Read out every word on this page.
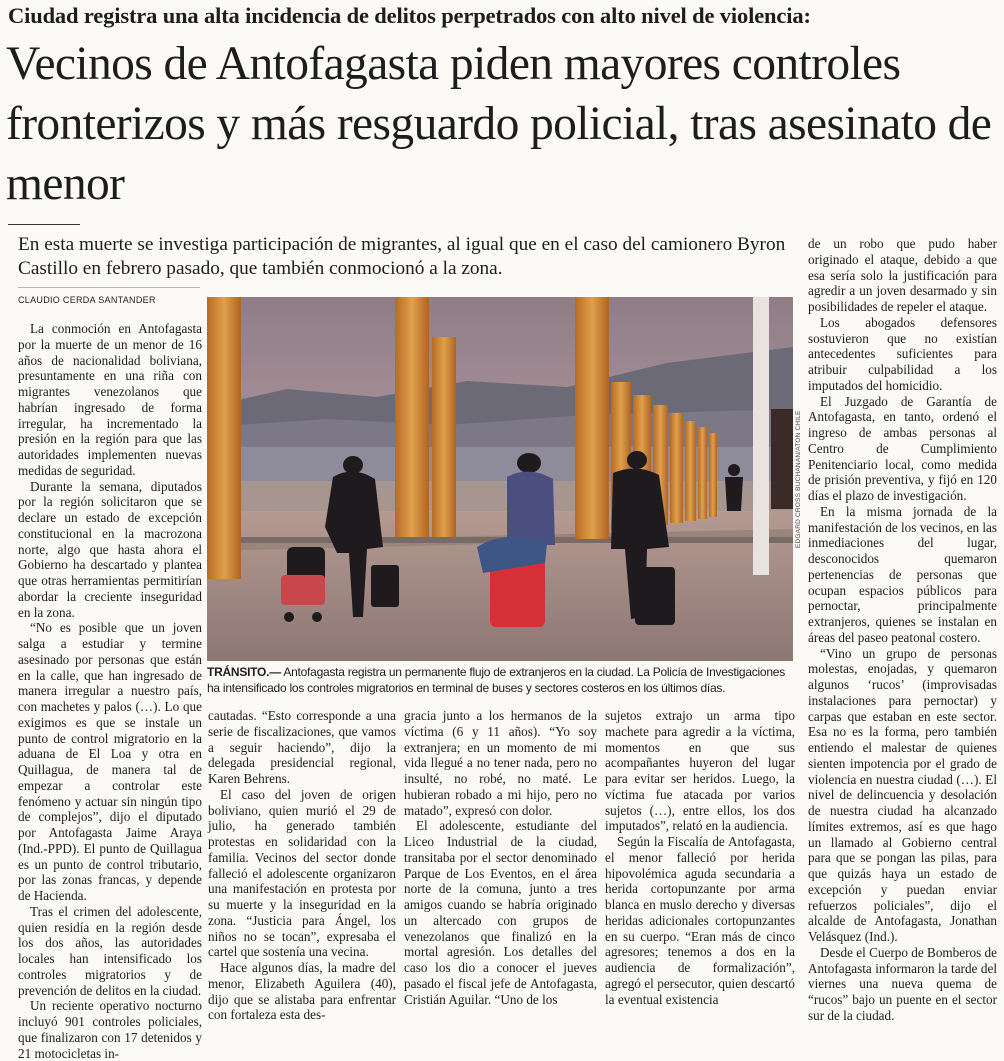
Ciudad registra una alta incidencia de delitos perpetrados con alto nivel de violencia:
Vecinos de Antofagasta piden mayores controles fronterizos y más resguardo policial, tras asesinato de menor
En esta muerte se investiga participación de migrantes, al igual que en el caso del camionero Byron Castillo en febrero pasado, que también conmocionó a la zona.
CLAUDIO CERDA SANTANDER

La conmoción en Antofagasta por la muerte de un menor de 16 años de nacionalidad boliviana, presuntamente en una riña con migrantes venezolanos que habrían ingresado de forma irregular, ha incrementado la presión en la región para que las autoridades implementen nuevas medidas de seguridad.

Durante la semana, diputados por la región solicitaron que se declare un estado de excepción constitucional en la macrozona norte, algo que hasta ahora el Gobierno ha descartado y plantea que otras herramientas permitirían abordar la creciente inseguridad en la zona.

“No es posible que un joven salga a estudiar y termine asesinado por personas que están en la calle, que han ingresado de manera irregular a nuestro país, con machetes y palos (…). Lo que exigimos es que se instale un punto de control migratorio en la aduana de El Loa y otra en Quillagua, de manera tal de empezar a controlar este fenómeno y actuar sin ningún tipo de complejos”, dijo el diputado por Antofagasta Jaime Araya (Ind.-PPD). El punto de Quillagua es un punto de control tributario, por las zonas francas, y depende de Hacienda.

Tras el crimen del adolescente, quien residía en la región desde los dos años, las autoridades locales han intensificado los controles migratorios y de prevención de delitos en la ciudad.

Un reciente operativo nocturno incluyó 901 controles policiales, que finalizaron con 17 detenidos y 21 motocicletas in-

EDGARD CROSS BUCHANAN/ATON CHILE
TRÁNSITO.— Antofagasta registra un permanente flujo de extranjeros en la ciudad. La Policía de Investigaciones ha intensificado los controles migratorios en terminal de buses y sectores costeros en los últimos días.

cautadas. “Esto corresponde a una serie de fiscalizaciones, que vamos a seguir haciendo”, dijo la delegada presidencial regional, Karen Behrens.

El caso del joven de origen boliviano, quien murió el 29 de julio, ha generado también protestas en solidaridad con la familia. Vecinos del sector donde falleció el adolescente organizaron una manifestación en protesta por su muerte y la inseguridad en la zona. “Justicia para Ángel, los niños no se tocan”, expresaba el cartel que sostenía una vecina.

Hace algunos días, la madre del menor, Elizabeth Aguilera (40), dijo que se alistaba para enfrentar con fortaleza esta des-

gracia junto a los hermanos de la víctima (6 y 11 años). “Yo soy extranjera; en un momento de mi vida llegué a no tener nada, pero no insulté, no robé, no maté. Le hubieran robado a mi hijo, pero no matado”, expresó con dolor.

El adolescente, estudiante del Liceo Industrial de la ciudad, transitaba por el sector denominado Parque de Los Eventos, en el área norte de la comuna, junto a tres amigos cuando se habría originado un altercado con grupos de venezolanos que finalizó en la mortal agresión. Los detalles del caso los dio a conocer el jueves pasado el fiscal jefe de Antofagasta, Cristián Aguilar. “Uno de los

sujetos extrajo un arma tipo machete para agredir a la víctima, momentos en que sus acompañantes huyeron del lugar para evitar ser heridos. Luego, la víctima fue atacada por varios sujetos (…), entre ellos, los dos imputados”, relató en la audiencia.

Según la Fiscalía de Antofagasta, el menor falleció por herida hipovolémica aguda secundaria a herida cortopunzante por arma blanca en muslo derecho y diversas heridas adicionales cortopunzantes en su cuerpo. “Eran más de cinco agresores; tenemos a dos en la audiencia de formalización”, agregó el persecutor, quien descartó la eventual existencia

de un robo que pudo haber originado el ataque, debido a que esa sería solo la justificación para agredir a un joven desarmado y sin posibilidades de repeler el ataque.

Los abogados defensores sostuvieron que no existían antecedentes suficientes para atribuir culpabilidad a los imputados del homicidio.

El Juzgado de Garantía de Antofagasta, en tanto, ordenó el ingreso de ambas personas al Centro de Cumplimiento Penitenciario local, como medida de prisión preventiva, y fijó en 120 días el plazo de investigación.

En la misma jornada de la manifestación de los vecinos, en las inmediaciones del lugar, desconocidos quemaron pertenencias de personas que ocupan espacios públicos para pernoctar, principalmente extranjeros, quienes se instalan en áreas del paseo peatonal costero.

“Vino un grupo de personas molestas, enojadas, y quemaron algunos ‘rucos’ (improvisadas instalaciones para pernoctar) y carpas que estaban en este sector. Esa no es la forma, pero también entiendo el malestar de quienes sienten impotencia por el grado de violencia en nuestra ciudad (…). El nivel de delincuencia y desolación de nuestra ciudad ha alcanzado límites extremos, así es que hago un llamado al Gobierno central para que se pongan las pilas, para que quizás haya un estado de excepción y puedan enviar refuerzos policiales”, dijo el alcalde de Antofagasta, Jonathan Velásquez (Ind.).

Desde el Cuerpo de Bomberos de Antofagasta informaron la tarde del viernes una nueva quema de “rucos” bajo un puente en el sector sur de la ciudad.
